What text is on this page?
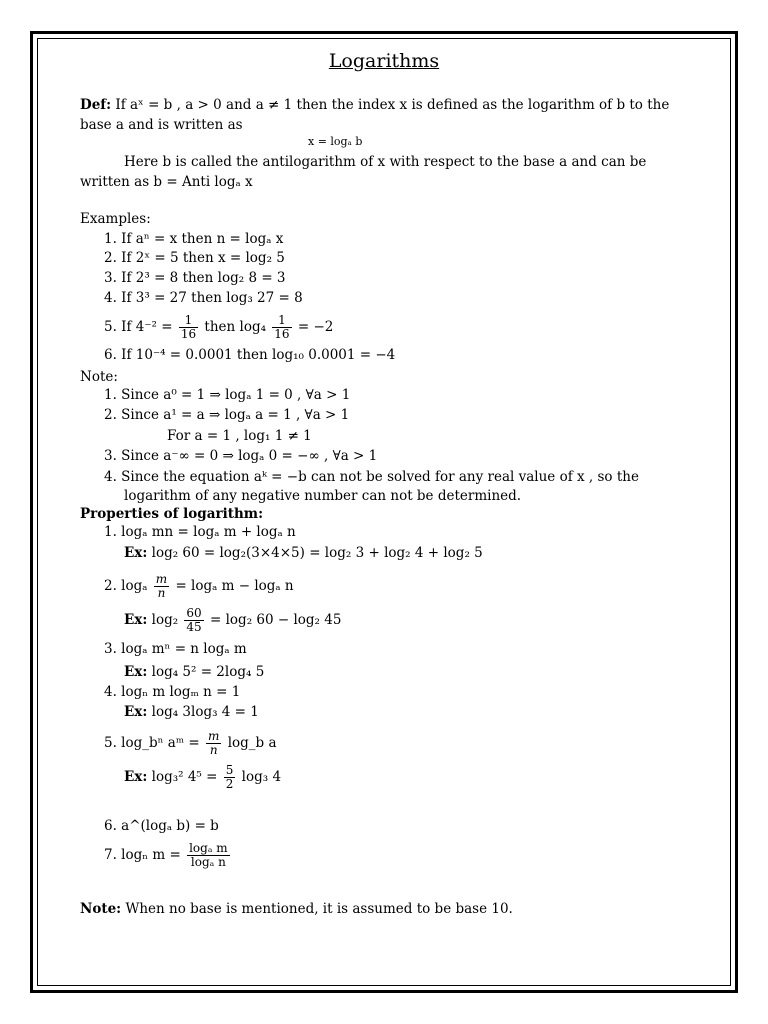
Logarithms
Def: If aˣ = b , a > 0 and a ≠ 1 then the index x is defined as the logarithm of b to the
base a and is written as
x = logₐ b
Here b is called the antilogarithm of x with respect to the base a and can be
written as b = Anti logₐ x
Examples:
1. If aⁿ = x then n = logₐ x
2. If 2ˣ = 5 then x = log₂ 5
3. If 2³ = 8 then log₂ 8 = 3
4. If 3³ = 27 then log₃ 27 = 8
5. If $4^{-2} = \frac{1}{16}$ then $\log_4 \frac{1}{16} = -2$
6. If 10⁻⁴ = 0.0001 then log₁₀ 0.0001 = −4
Note:
1. Since a⁰ = 1 ⇒ logₐ 1 = 0 , ∀a > 1
2. Since a¹ = a ⇒ logₐ a = 1 , ∀a > 1
For a = 1 , log₁ 1 ≠ 1
3. Since a⁻∞ = 0 ⇒ logₐ 0 = −∞ , ∀a > 1
4. Since the equation aᵏ = −b can not be solved for any real value of x , so the
logarithm of any negative number can not be determined.
Properties of logarithm:
1. logₐ mn = logₐ m + logₐ n
Ex: log₂ 60 = log₂(3×4×5) = log₂ 3 + log₂ 4 + log₂ 5
2. logₐ $\frac{m}{n} = \log_a$ m − logₐ n
Ex: $\log_2 \frac{60}{45} = \log_2$ 60 − log₂ 45
3. logₐ mⁿ = n logₐ m
Ex: log₄ 5² = 2log₄ 5
4. logₙ m logₘ n = 1
Ex: log₄ 3log₃ 4 = 1
5. log_bⁿ aᵐ = $\frac{m}{n}$ log_b a
Ex: log₃² $4^5 = \frac{5}{2} \log_3$ 4
6. a^(logₐ b) = b
7. logₙ $m = \frac{\text{logₐ m}}{\text{logₐ n}}$
Note: When no base is mentioned, it is assumed to be base 10.
